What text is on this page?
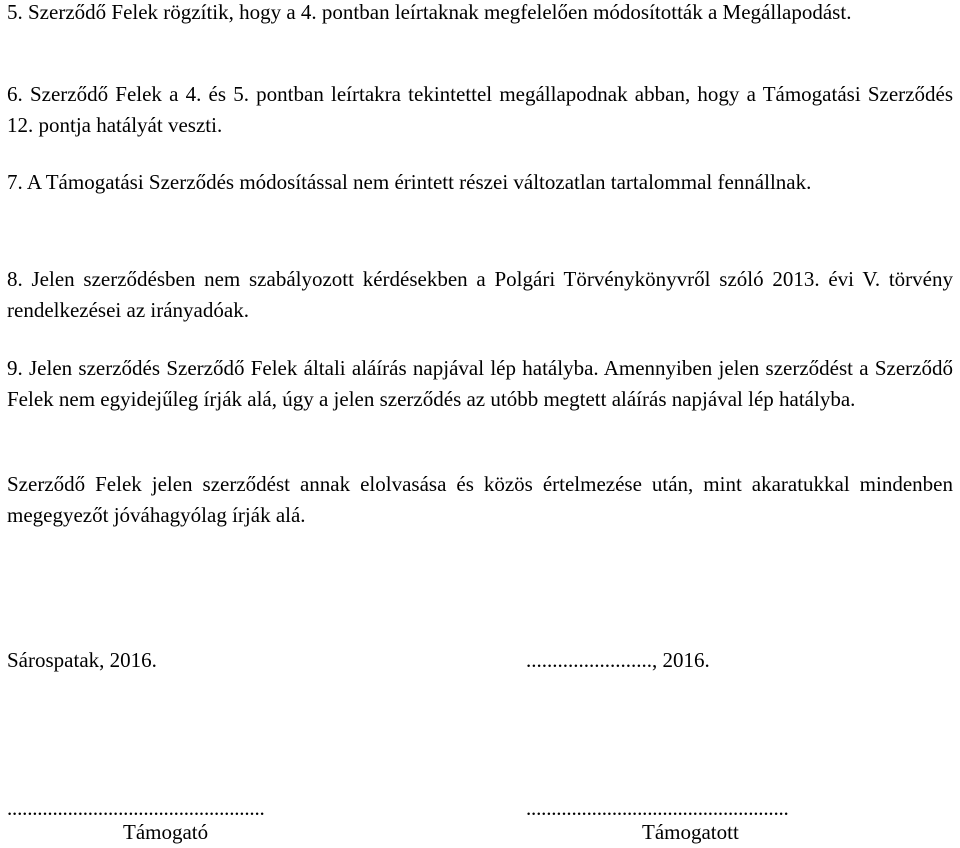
5. Szerződő Felek rögzítik, hogy a 4. pontban leírtaknak megfelelően módosították a Megállapodást.

6. Szerződő Felek a 4. és 5. pontban leírtakra tekintettel megállapodnak abban, hogy a Támogatási Szerződés 12. pontja hatályát veszti.

7. A Támogatási Szerződés módosítással nem érintett részei változatlan tartalommal fennállnak.

8. Jelen szerződésben nem szabályozott kérdésekben a Polgári Törvénykönyvről szóló 2013. évi V. törvény rendelkezései az irányadóak.

9. Jelen szerződés Szerződő Felek általi aláírás napjával lép hatályba. Amennyiben jelen szerződést a Szerződő Felek nem egyidejűleg írják alá, úgy a jelen szerződés az utóbb megtett aláírás napjával lép hatályba.

Szerződő Felek jelen szerződést annak elolvasása és közös értelmezése után, mint akaratukkal mindenben megegyezőt jóváhagyólag írják alá.

Sárospatak, 2016.	........................, 2016.
...................................................	....................................................
Támogató	Támogatott
